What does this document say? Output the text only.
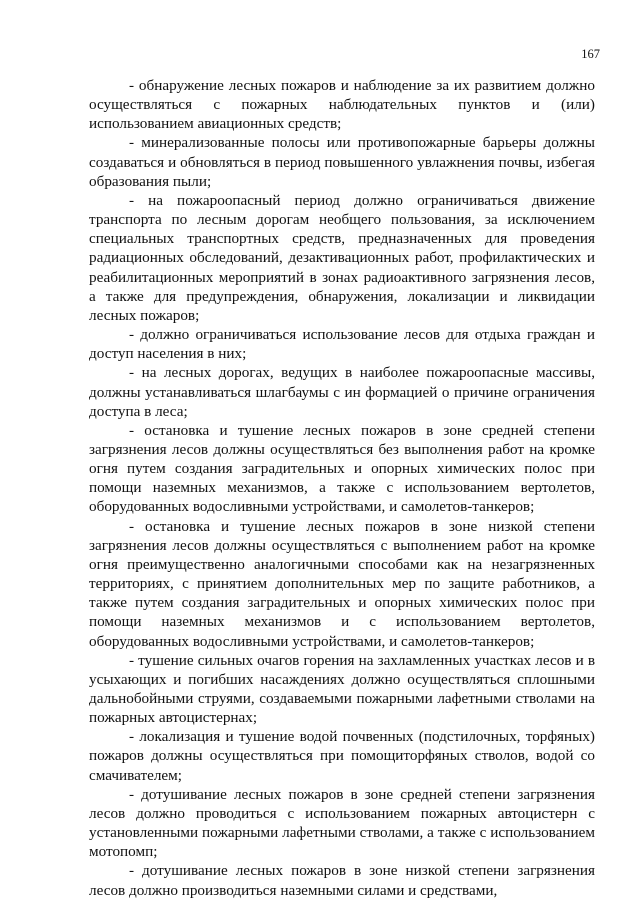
167

- обнаружение лесных пожаров и наблюдение за их развитием должно осуществляться с пожарных наблюдательных пунктов и (или) использованием авиационных средств;

- минерализованные полосы или противопожарные барьеры должны создаваться и обновляться в период повышенного увлажнения почвы, избегая образования пыли;

- на пожароопасный период должно ограничиваться движение транспорта по лесным дорогам необщего пользования, за исключением специальных транспортных средств, предназначенных для проведения радиационных обследований, дезактивационных работ, профилактических и реабилитационных мероприятий в зонах радиоактивного загрязнения лесов, а также для предупреждения, обнаружения, локализации и ликвидации лесных пожаров;

- должно ограничиваться использование лесов для отдыха граждан и доступ населения в них;

- на лесных дорогах, ведущих в наиболее пожароопасные массивы, должны устанавливаться шлагбаумы с ин формацией о причине ограничения доступа в леса;

- остановка и тушение лесных пожаров в зоне средней степени загрязнения лесов должны осуществляться без выполнения работ на кромке огня путем создания заградительных и опорных химических полос при помощи наземных механизмов, а также с использованием вертолетов, оборудованных водосливными устройствами, и самолетов-танкеров;

- остановка и тушение лесных пожаров в зоне низкой степени загрязнения лесов должны осуществляться с выполнением работ на кромке огня преимущественно аналогичными способами как на незагрязненных территориях, с принятием дополнительных мер по защите работников, а также путем создания заградительных и опорных химических полос при помощи наземных механизмов и с использованием вертолетов, оборудованных водосливными устройствами, и самолетов-танкеров;

- тушение сильных очагов горения на захламленных участках лесов и в усыхающих и погибших насаждениях должно осуществляться сплошными дальнобойными струями, создаваемыми пожарными лафетными стволами на пожарных автоцистернах;

- локализация и тушение водой почвенных (подстилочных, торфяных) пожаров должны осуществляться при помощиторфяных стволов, водой со смачивателем;

- дотушивание лесных пожаров в зоне средней степени загрязнения лесов должно проводиться с использованием пожарных автоцистерн с установленными пожарными лафетными стволами, а также с использованием мотопомп;

- дотушивание лесных пожаров в зоне низкой степени загрязнения лесов должно производиться наземными силами и средствами,
